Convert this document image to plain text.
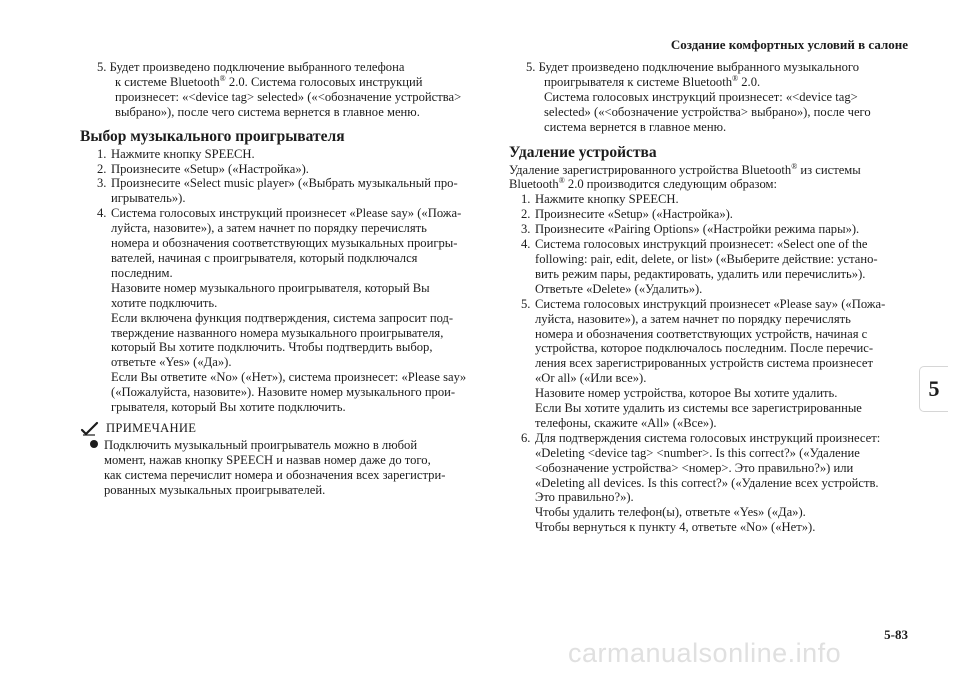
Создание комфортных условий в салоне
5. Будет произведено подключение выбранного телефона
к системе Bluetooth® 2.0. Система голосовых инструкций
произнесет: «<device tag> selected» («<обозначение устройства>
выбрано»), после чего система вернется в главное меню.
Выбор музыкального проигрывателя
1. Нажмите кнопку SPEECH.
2. Произнесите «Setup» («Настройка»).
3. Произнесите «Select music player» («Выбрать музыкальный про-
игрыватель»).
4. Система голосовых инструкций произнесет «Please say» («Пожа-
луйста, назовите»), а затем начнет по порядку перечислять
номера и обозначения соответствующих музыкальных проигры-
вателей, начиная с проигрывателя, который подключался
последним.
Назовите номер музыкального проигрывателя, который Вы
хотите подключить.
Если включена функция подтверждения, система запросит под-
тверждение названного номера музыкального проигрывателя,
который Вы хотите подключить. Чтобы подтвердить выбор,
ответьте «Yes» («Да»).
Если Вы ответите «No» («Нет»), система произнесет: «Please say»
(«Пожалуйста, назовите»). Назовите номер музыкального прои-
грывателя, который Вы хотите подключить.
ПРИМЕЧАНИЕ
Подключить музыкальный проигрыватель можно в любой
момент, нажав кнопку SPEECH и назвав номер даже до того,
как система перечислит номера и обозначения всех зарегистри-
рованных музыкальных проигрывателей.
5. Будет произведено подключение выбранного музыкального
проигрывателя к системе Bluetooth® 2.0.
Система голосовых инструкций произнесет: «<device tag>
selected» («<обозначение устройства> выбрано»), после чего
система вернется в главное меню.
Удаление устройства
Удаление зарегистрированного устройства Bluetooth® из системы
Bluetooth® 2.0 производится следующим образом:
1. Нажмите кнопку SPEECH.
2. Произнесите «Setup» («Настройка»).
3. Произнесите «Pairing Options» («Настройки режима пары»).
4. Система голосовых инструкций произнесет: «Select one of the
following: pair, edit, delete, or list» («Выберите действие: устано-
вить режим пары, редактировать, удалить или перечислить»).
Ответьте «Delete» («Удалить»).
5. Система голосовых инструкций произнесет «Please say» («Пожа-
луйста, назовите»), а затем начнет по порядку перечислять
номера и обозначения соответствующих устройств, начиная с
устройства, которое подключалось последним. После перечис-
ления всех зарегистрированных устройств система произнесет
«Or all» («Или все»).
Назовите номер устройства, которое Вы хотите удалить.
Если Вы хотите удалить из системы все зарегистрированные
телефоны, скажите «All» («Все»).
6. Для подтверждения система голосовых инструкций произнесет:
«Deleting <device tag> <number>. Is this correct?» («Удаление
<обозначение устройства> <номер>. Это правильно?») или
«Deleting all devices. Is this correct?» («Удаление всех устройств.
Это правильно?»).
Чтобы удалить телефон(ы), ответьте «Yes» («Да»).
Чтобы вернуться к пункту 4, ответьте «No» («Нет»).
5
5-83
carmanualsonline.info
